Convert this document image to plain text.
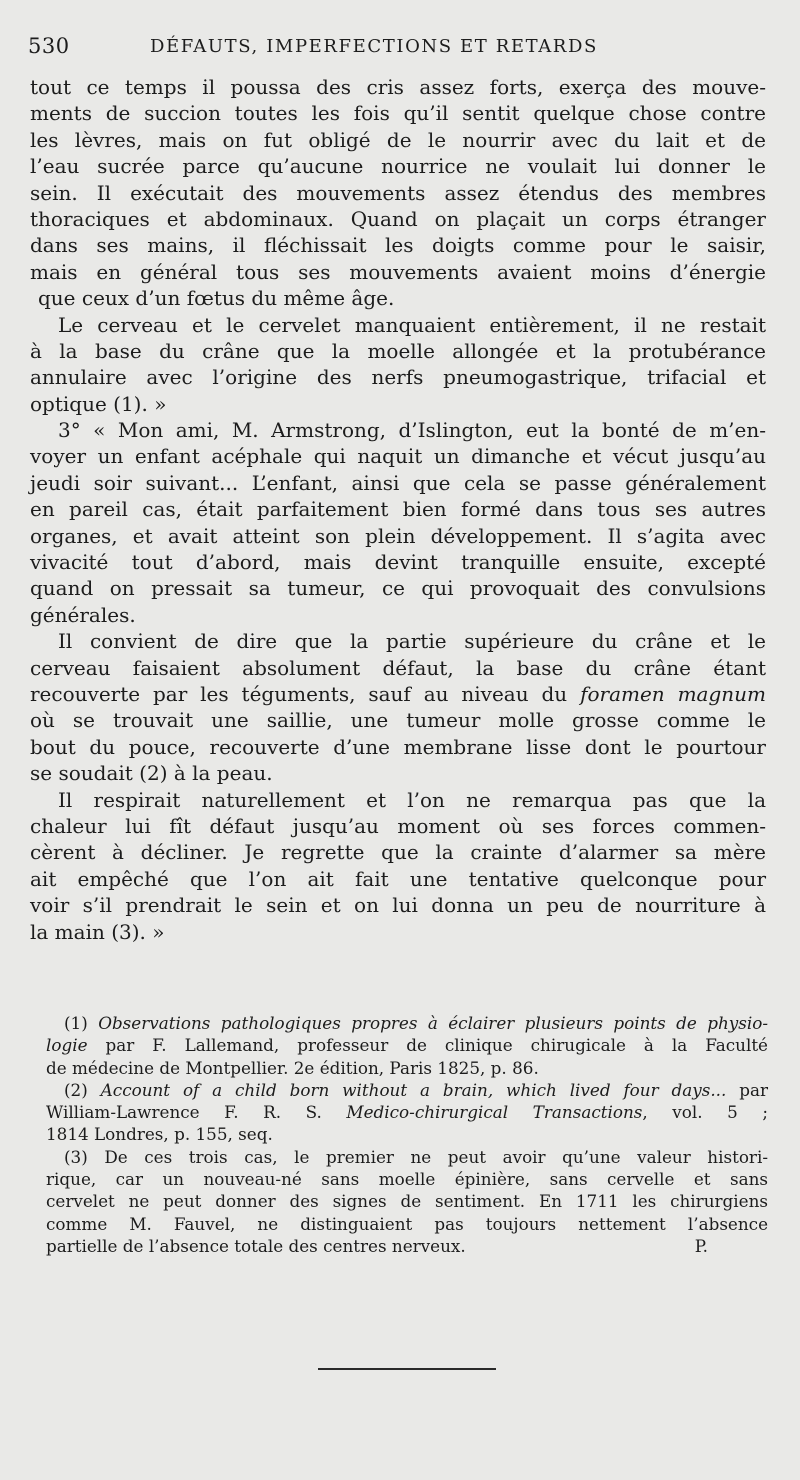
530	DÉFAUTS, IMPERFECTIONS ET RETARDS
tout ce temps il poussa des cris assez forts, exerça des mouve-
ments de succion toutes les fois qu’il sentit quelque chose contre
les lèvres, mais on fut obligé de le nourrir avec du lait et de
l’eau sucrée parce qu’aucune nourrice ne voulait lui donner le
sein. Il exécutait des mouvements assez étendus des membres
thoraciques et abdominaux. Quand on plaçait un corps étranger
dans ses mains, il fléchissait les doigts comme pour le saisir,
mais en général tous ses mouvements avaient moins d’énergie
que ceux d’un fœtus du même âge.
Le cerveau et le cervelet manquaient entièrement, il ne restait
à la base du crâne que la moelle allongée et la protubérance
annulaire avec l’origine des nerfs pneumogastrique, trifacial et
optique (1). »
3° « Mon ami, M. Armstrong, d’Islington, eut la bonté de m’en-
voyer un enfant acéphale qui naquit un dimanche et vécut jusqu’au
jeudi soir suivant... L’enfant, ainsi que cela se passe généralement
en pareil cas, était parfaitement bien formé dans tous ses autres
organes, et avait atteint son plein développement. Il s’agita avec
vivacité tout d’abord, mais devint tranquille ensuite, excepté
quand on pressait sa tumeur, ce qui provoquait des convulsions
générales.
Il convient de dire que la partie supérieure du crâne et le
cerveau faisaient absolument défaut, la base du crâne étant
recouverte par les téguments, sauf au niveau du foramen magnum
où se trouvait une saillie, une tumeur molle grosse comme le
bout du pouce, recouverte d’une membrane lisse dont le pourtour
se soudait (2) à la peau.
Il respirait naturellement et l’on ne remarqua pas que la
chaleur lui fît défaut jusqu’au moment où ses forces commen-
cèrent à décliner. Je regrette que la crainte d’alarmer sa mère
ait empêché que l’on ait fait une tentative quelconque pour
voir s’il prendrait le sein et on lui donna un peu de nourriture à
la main (3). »
(1) Observations pathologiques propres à éclairer plusieurs points de physio-
logie par F. Lallemand, professeur de clinique chirugicale à la Faculté
de médecine de Montpellier. 2e édition, Paris 1825, p. 86.
(2) Account of a child born without a brain, which lived four days... par
William-Lawrence F. R. S. Medico-chirurgical Transactions, vol. 5 ;
1814 Londres, p. 155, seq.
(3) De ces trois cas, le premier ne peut avoir qu’une valeur histori-
rique, car un nouveau-né sans moelle épinière, sans cervelle et sans
cervelet ne peut donner des signes de sentiment. En 1711 les chirurgiens
comme M. Fauvel, ne distinguaient pas toujours nettement l’absence
partielle de l’absence totale des centres nerveux.	P.
